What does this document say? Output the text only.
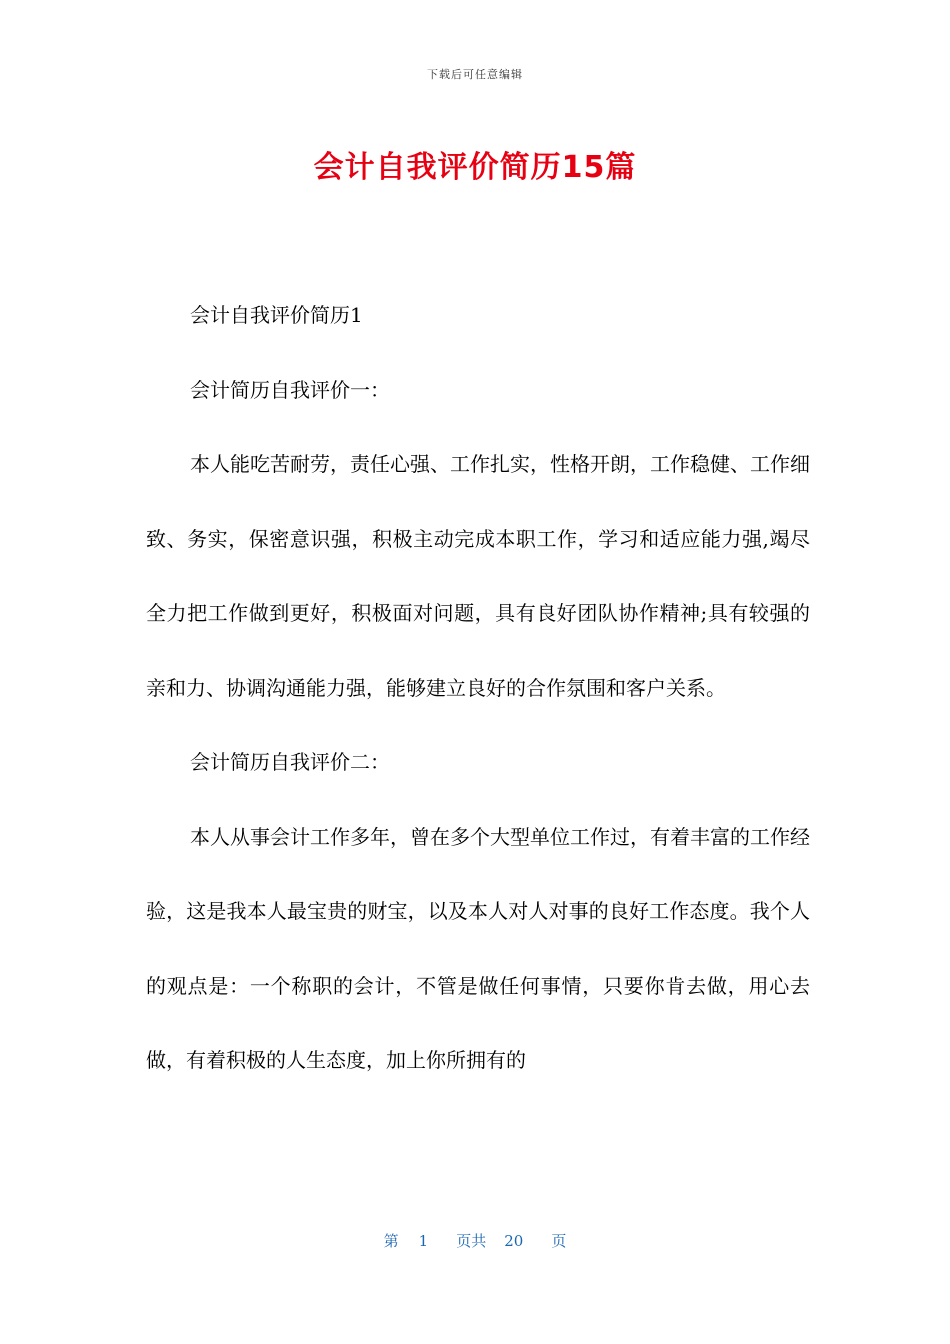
下载后可任意编辑
会计自我评价简历15篇

会计自我评价简历1

会计简历自我评价一：

本人能吃苦耐劳，责任心强、工作扎实，性格开朗，工作稳健、工作细致、务实，保密意识强，积极主动完成本职工作，学习和适应能力强,竭尽全力把工作做到更好，积极面对问题，具有良好团队协作精神;具有较强的亲和力、协调沟通能力强，能够建立良好的合作氛围和客户关系。

会计简历自我评价二：

本人从事会计工作多年，曾在多个大型单位工作过，有着丰富的工作经验，这是我本人最宝贵的财宝，以及本人对人对事的良好工作态度。我个人的观点是：一个称职的会计，不管是做任何事情，只要你肯去做，用心去做，有着积极的人生态度，加上你所拥有的

第 1 页共 20 页
